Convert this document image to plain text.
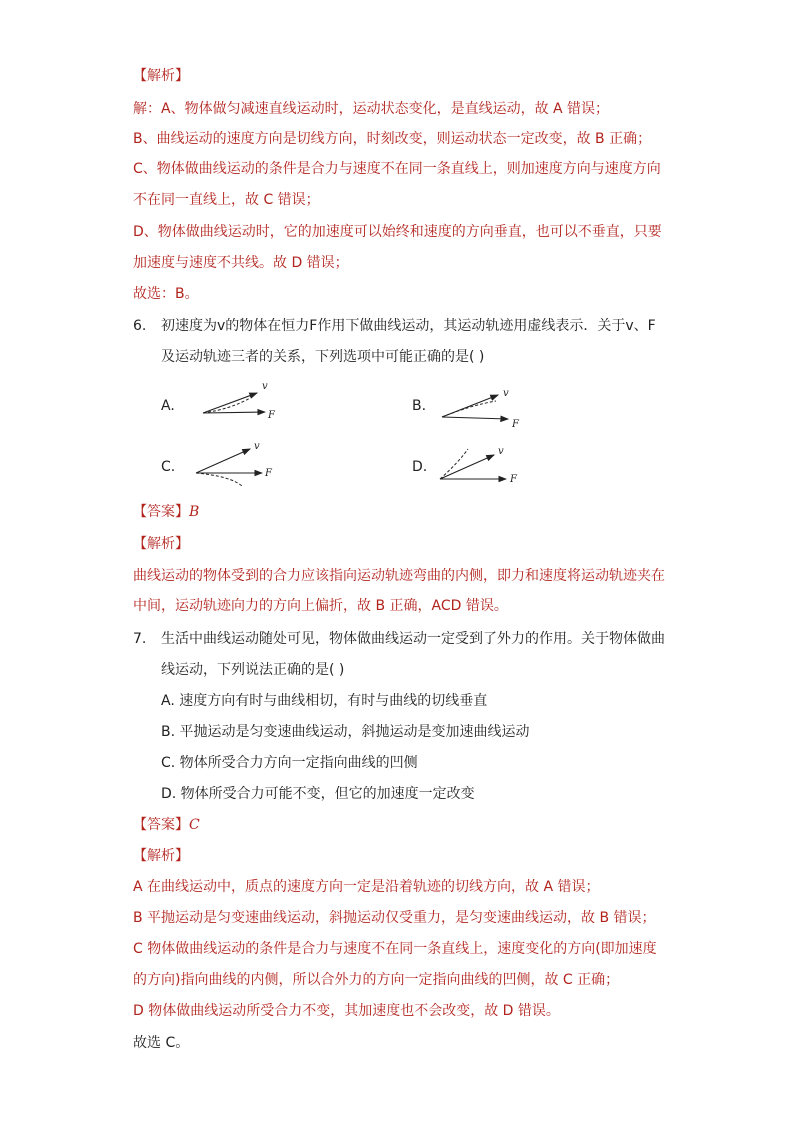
【解析】
解：A、物体做匀减速直线运动时，运动状态变化，是直线运动，故 A 错误；
B、曲线运动的速度方向是切线方向，时刻改变，则运动状态一定改变，故 B 正确；
C、物体做曲线运动的条件是合力与速度不在同一条直线上，则加速度方向与速度方向
不在同一直线上，故 C 错误；
D、物体做曲线运动时，它的加速度可以始终和速度的方向垂直，也可以不垂直，只要
加速度与速度不共线。故 D 错误；
故选：B。
6. 初速度为v的物体在恒力F作用下做曲线运动，其运动轨迹用虚线表示．关于v、F
及运动轨迹三者的关系，下列选项中可能正确的是( )
A.	B.
C.	D.
v
F
v
F
v
F
v
F
【答案】B
【解析】
曲线运动的物体受到的合力应该指向运动轨迹弯曲的内侧，即力和速度将运动轨迹夹在
中间，运动轨迹向力的方向上偏折，故 B 正确，ACD 错误。
7. 生活中曲线运动随处可见，物体做曲线运动一定受到了外力的作用。关于物体做曲
线运动，下列说法正确的是( )
A. 速度方向有时与曲线相切，有时与曲线的切线垂直
B. 平抛运动是匀变速曲线运动，斜抛运动是变加速曲线运动
C. 物体所受合力方向一定指向曲线的凹侧
D. 物体所受合力可能不变，但它的加速度一定改变
【答案】C
【解析】
A 在曲线运动中，质点的速度方向一定是沿着轨迹的切线方向，故 A 错误；
B 平抛运动是匀变速曲线运动，斜抛运动仅受重力，是匀变速曲线运动，故 B 错误；
C 物体做曲线运动的条件是合力与速度不在同一条直线上，速度变化的方向(即加速度
的方向)指向曲线的内侧，所以合外力的方向一定指向曲线的凹侧，故 C 正确；
D 物体做曲线运动所受合力不变，其加速度也不会改变，故 D 错误。
故选 C。
